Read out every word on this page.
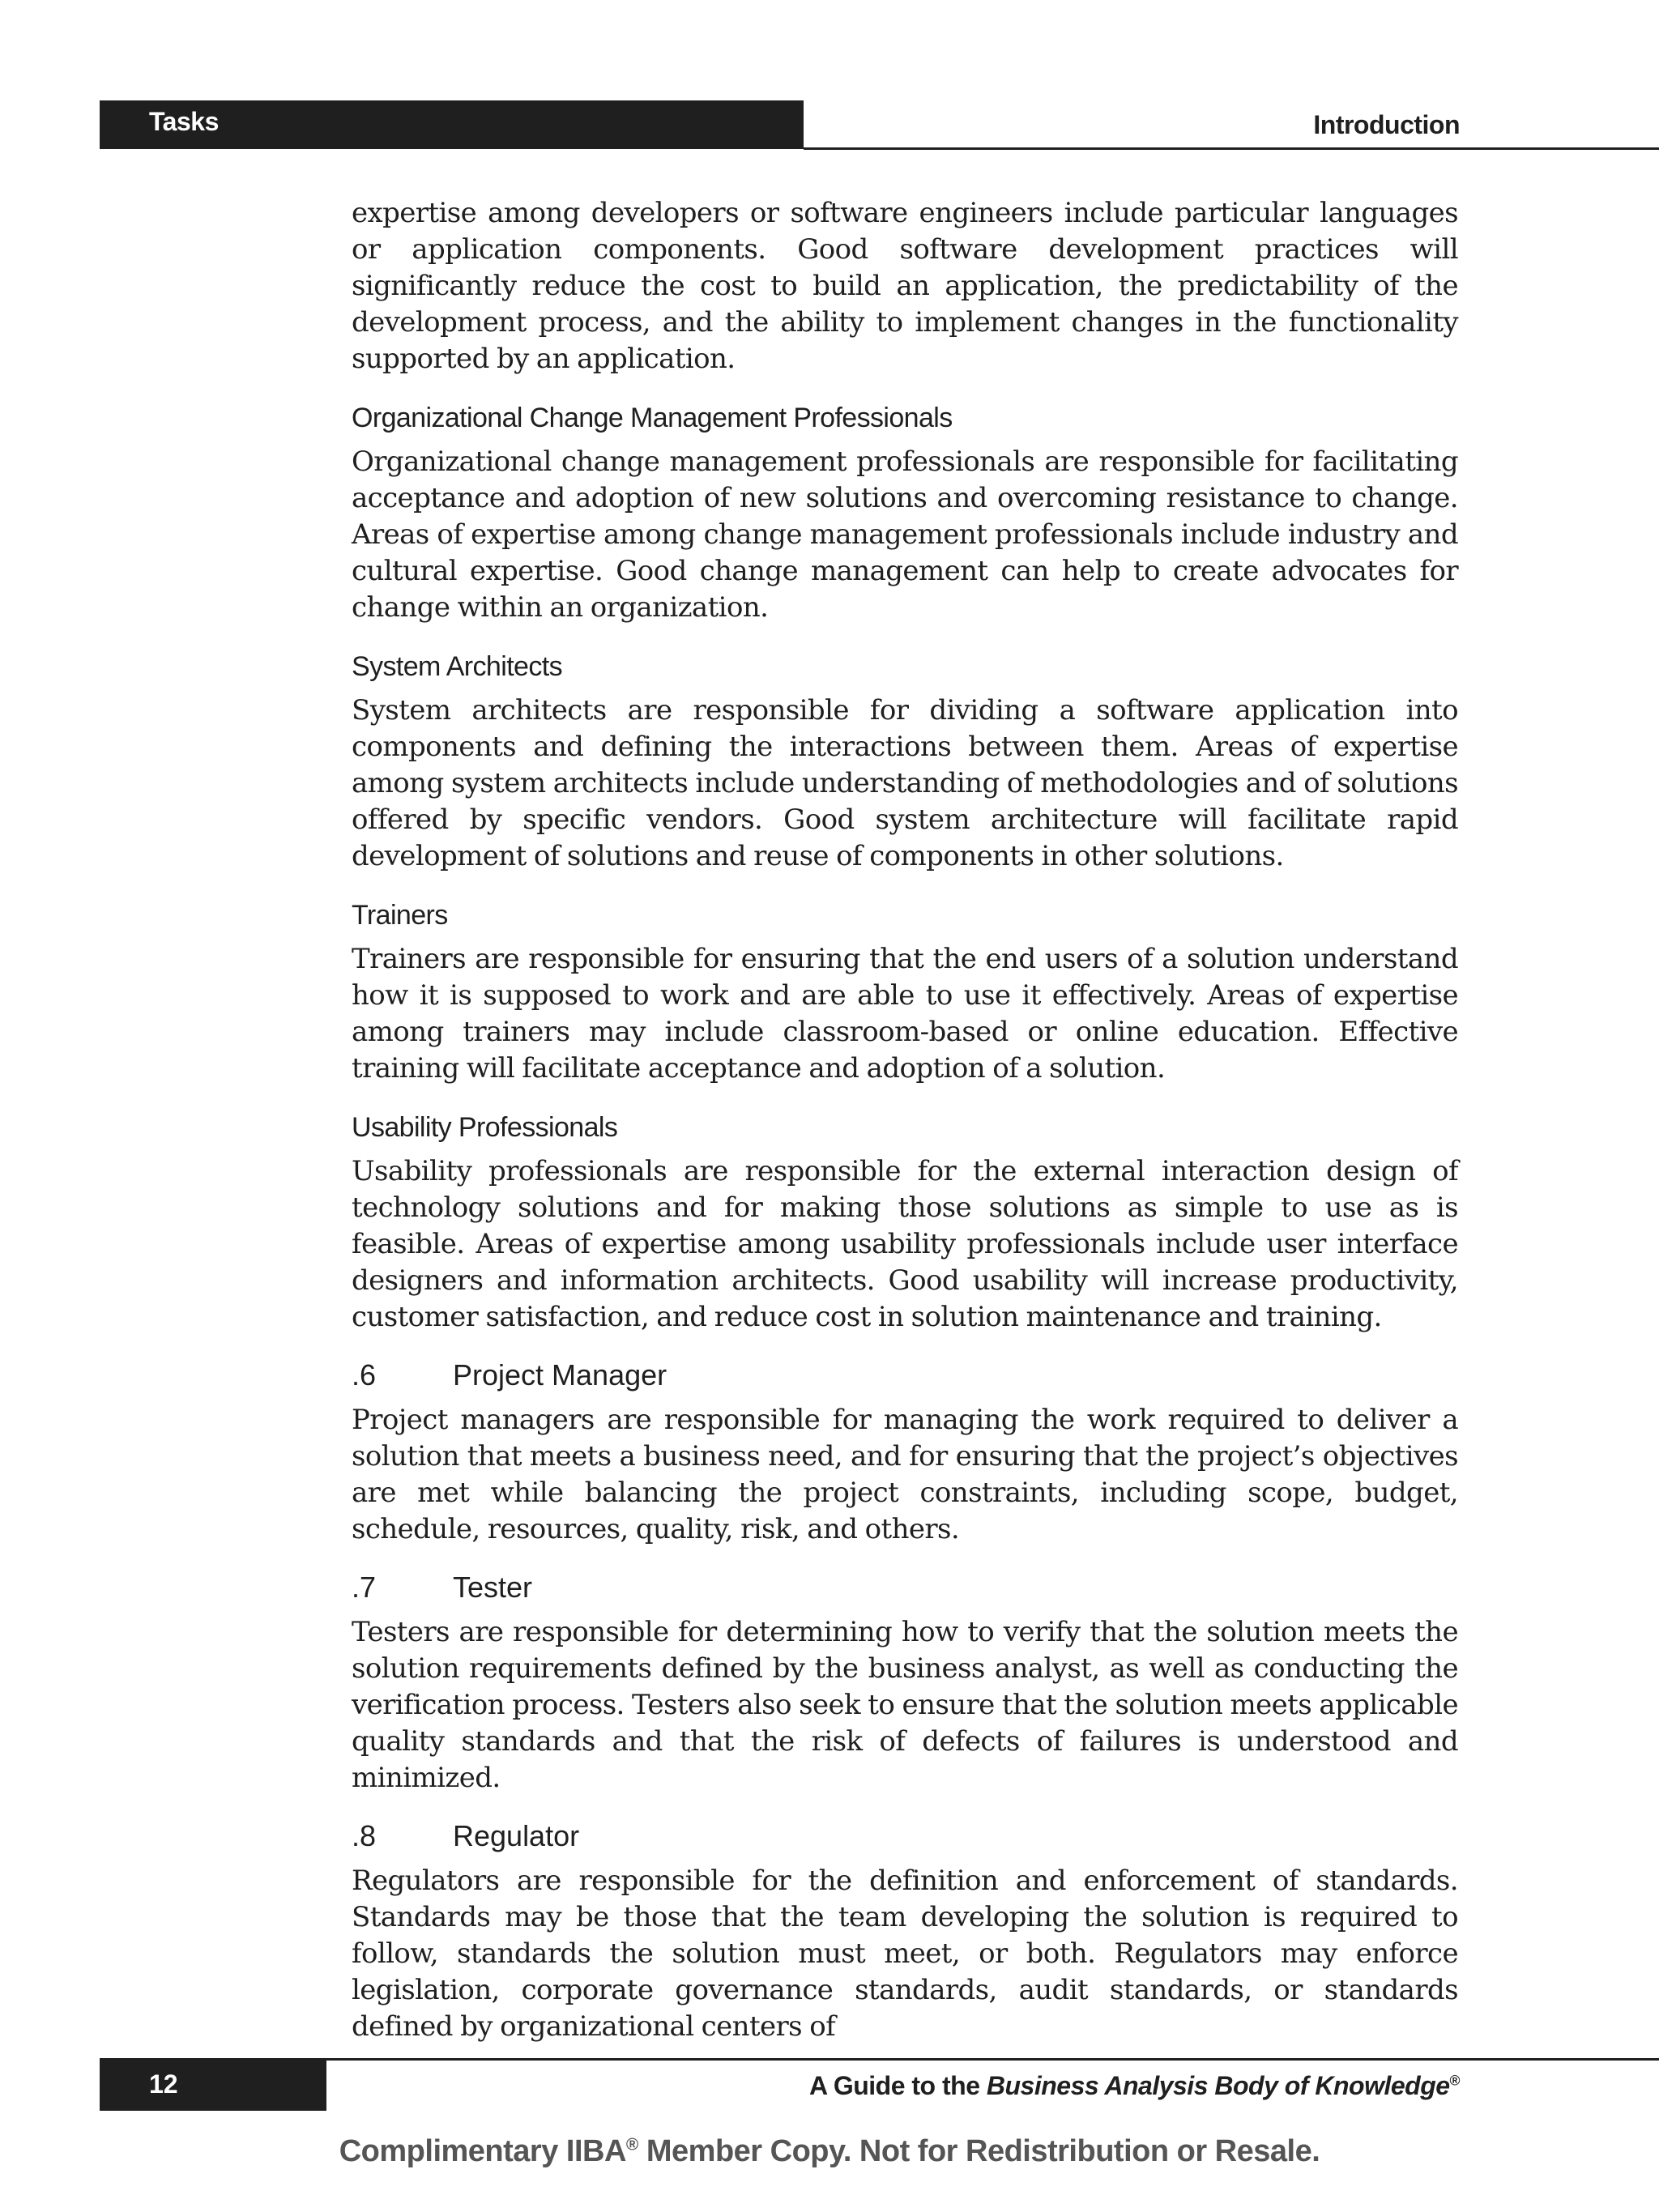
Tasks	Introduction

expertise among developers or software engineers include particular languages or application components. Good software development practices will significantly reduce the cost to build an application, the predictability of the development process, and the ability to implement changes in the functionality supported by an application.

Organizational Change Management Professionals

Organizational change management professionals are responsible for facilitating acceptance and adoption of new solutions and overcoming resistance to change. Areas of expertise among change management professionals include industry and cultural expertise. Good change management can help to create advocates for change within an organization.

System Architects

System architects are responsible for dividing a software application into components and defining the interactions between them. Areas of expertise among system architects include understanding of methodologies and of solutions offered by specific vendors. Good system architecture will facilitate rapid development of solutions and reuse of components in other solutions.

Trainers

Trainers are responsible for ensuring that the end users of a solution understand how it is supposed to work and are able to use it effectively. Areas of expertise among trainers may include classroom-based or online education. Effective training will facilitate acceptance and adoption of a solution.

Usability Professionals

Usability professionals are responsible for the external interaction design of technology solutions and for making those solutions as simple to use as is feasible. Areas of expertise among usability professionals include user interface designers and information architects. Good usability will increase productivity, customer satisfaction, and reduce cost in solution maintenance and training.

.6	Project Manager

Project managers are responsible for managing the work required to deliver a solution that meets a business need, and for ensuring that the project’s objectives are met while balancing the project constraints, including scope, budget, schedule, resources, quality, risk, and others.

.7	Tester

Testers are responsible for determining how to verify that the solution meets the solution requirements defined by the business analyst, as well as conducting the verification process. Testers also seek to ensure that the solution meets applicable quality standards and that the risk of defects of failures is understood and minimized.

.8	Regulator

Regulators are responsible for the definition and enforcement of standards. Standards may be those that the team developing the solution is required to follow, standards the solution must meet, or both. Regulators may enforce legislation, corporate governance standards, audit standards, or standards defined by organizational centers of

12	A Guide to the Business Analysis Body of Knowledge®
Complimentary IIBA® Member Copy. Not for Redistribution or Resale.
